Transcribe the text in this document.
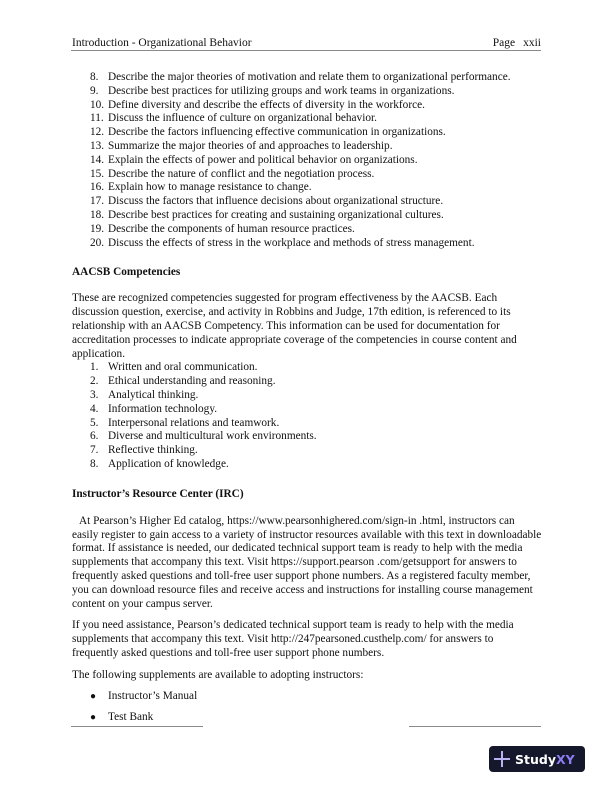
Introduction - Organizational Behavior	Page xxii
8. Describe the major theories of motivation and relate them to organizational performance.
9. Describe best practices for utilizing groups and work teams in organizations.
10. Define diversity and describe the effects of diversity in the workforce.
11. Discuss the influence of culture on organizational behavior.
12. Describe the factors influencing effective communication in organizations.
13. Summarize the major theories of and approaches to leadership.
14. Explain the effects of power and political behavior on organizations.
15. Describe the nature of conflict and the negotiation process.
16. Explain how to manage resistance to change.
17. Discuss the factors that influence decisions about organizational structure.
18. Describe best practices for creating and sustaining organizational cultures.
19. Describe the components of human resource practices.
20. Discuss the effects of stress in the workplace and methods of stress management.
AACSB Competencies

These are recognized competencies suggested for program effectiveness by the AACSB. Each discussion question, exercise, and activity in Robbins and Judge, 17th edition, is referenced to its relationship with an AACSB Competency. This information can be used for documentation for accreditation processes to indicate appropriate coverage of the competencies in course content and application.

1. Written and oral communication.
2. Ethical understanding and reasoning.
3. Analytical thinking.
4. Information technology.
5. Interpersonal relations and teamwork.
6. Diverse and multicultural work environments.
7. Reflective thinking.
8. Application of knowledge.
Instructor’s Resource Center (IRC)

At Pearson’s Higher Ed catalog, https://www.pearsonhighered.com/sign-in .html, instructors can easily register to gain access to a variety of instructor resources available with this text in downloadable format. If assistance is needed, our dedicated technical support team is ready to help with the media supplements that accompany this text. Visit https://support.pearson .com/getsupport for answers to frequently asked questions and toll-free user support phone numbers. As a registered faculty member, you can download resource files and receive access and instructions for installing course management content on your campus server.

If you need assistance, Pearson’s dedicated technical support team is ready to help with the media supplements that accompany this text. Visit http://247pearsoned.custhelp.com/ for answers to frequently asked questions and toll-free user support phone numbers.

The following supplements are available to adopting instructors:

●	Instructor’s Manual
●	Test Bank
Study XY
